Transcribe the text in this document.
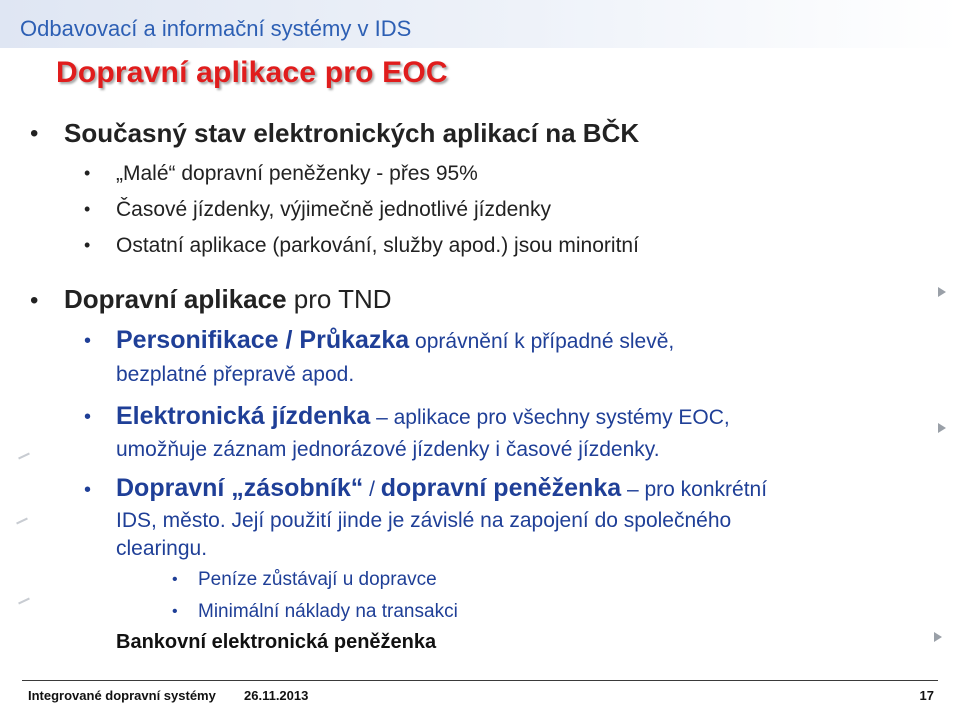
Odbavovací a informační systémy v IDS
Dopravní aplikace pro EOC
• Současný stav elektronických aplikací na BČK
• „Malé“ dopravní peněženky - přes 95%
• Časové jízdenky, výjimečně jednotlivé jízdenky
• Ostatní aplikace (parkování, služby apod.) jsou minoritní
• Dopravní aplikace pro TND
• Personifikace / Průkazka oprávnění k případné slevě,
bezplatné přepravě apod.
• Elektronická jízdenka – aplikace pro všechny systémy EOC,
umožňuje záznam jednorázové jízdenky i časové jízdenky.
• Dopravní „zásobník“ / dopravní peněženka – pro konkrétní
IDS, město. Její použití jinde je závislé na zapojení do společného
clearingu.
• Peníze zůstávají u dopravce
• Minimální náklady na transakci
Bankovní elektronická peněženka
Integrované dopravní systémy 26.11.2013	17
